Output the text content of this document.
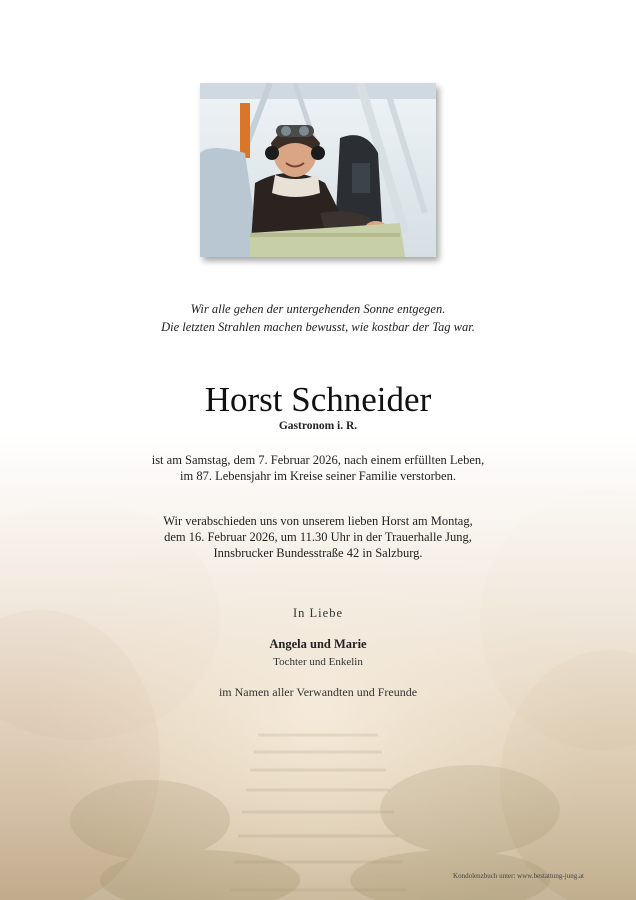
Wir alle gehen der untergehenden Sonne entgegen.
Die letzten Strahlen machen bewusst, wie kostbar der Tag war.
Horst Schneider
Gastronom i. R.
ist am Samstag, dem 7. Februar 2026, nach einem erfüllten Leben,
im 87. Lebensjahr im Kreise seiner Familie verstorben.
Wir verabschieden uns von unserem lieben Horst am Montag,
dem 16. Februar 2026, um 11.30 Uhr in der Trauerhalle Jung,
Innsbrucker Bundesstraße 42 in Salzburg.
In Liebe
Angela und Marie
Tochter und Enkelin
im Namen aller Verwandten und Freunde
Kondolenzbuch unter: www.bestattung-jung.at
